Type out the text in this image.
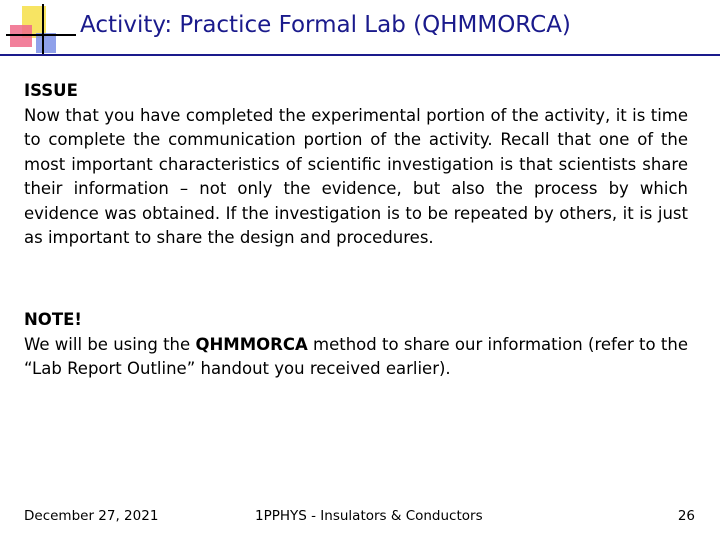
Activity: Practice Formal Lab (QHMMORCA)
ISSUE
Now that you have completed the experimental portion of the activity, it is time to complete the communication portion of the activity. Recall that one of the most important characteristics of scientific investigation is that scientists share their information – not only the evidence, but also the process by which evidence was obtained. If the investigation is to be repeated by others, it is just as important to share the design and procedures.
NOTE!
We will be using the QHMMORCA method to share our information (refer to the “Lab Report Outline” handout you received earlier).
December 27, 2021	1PPHYS - Insulators & Conductors	26
